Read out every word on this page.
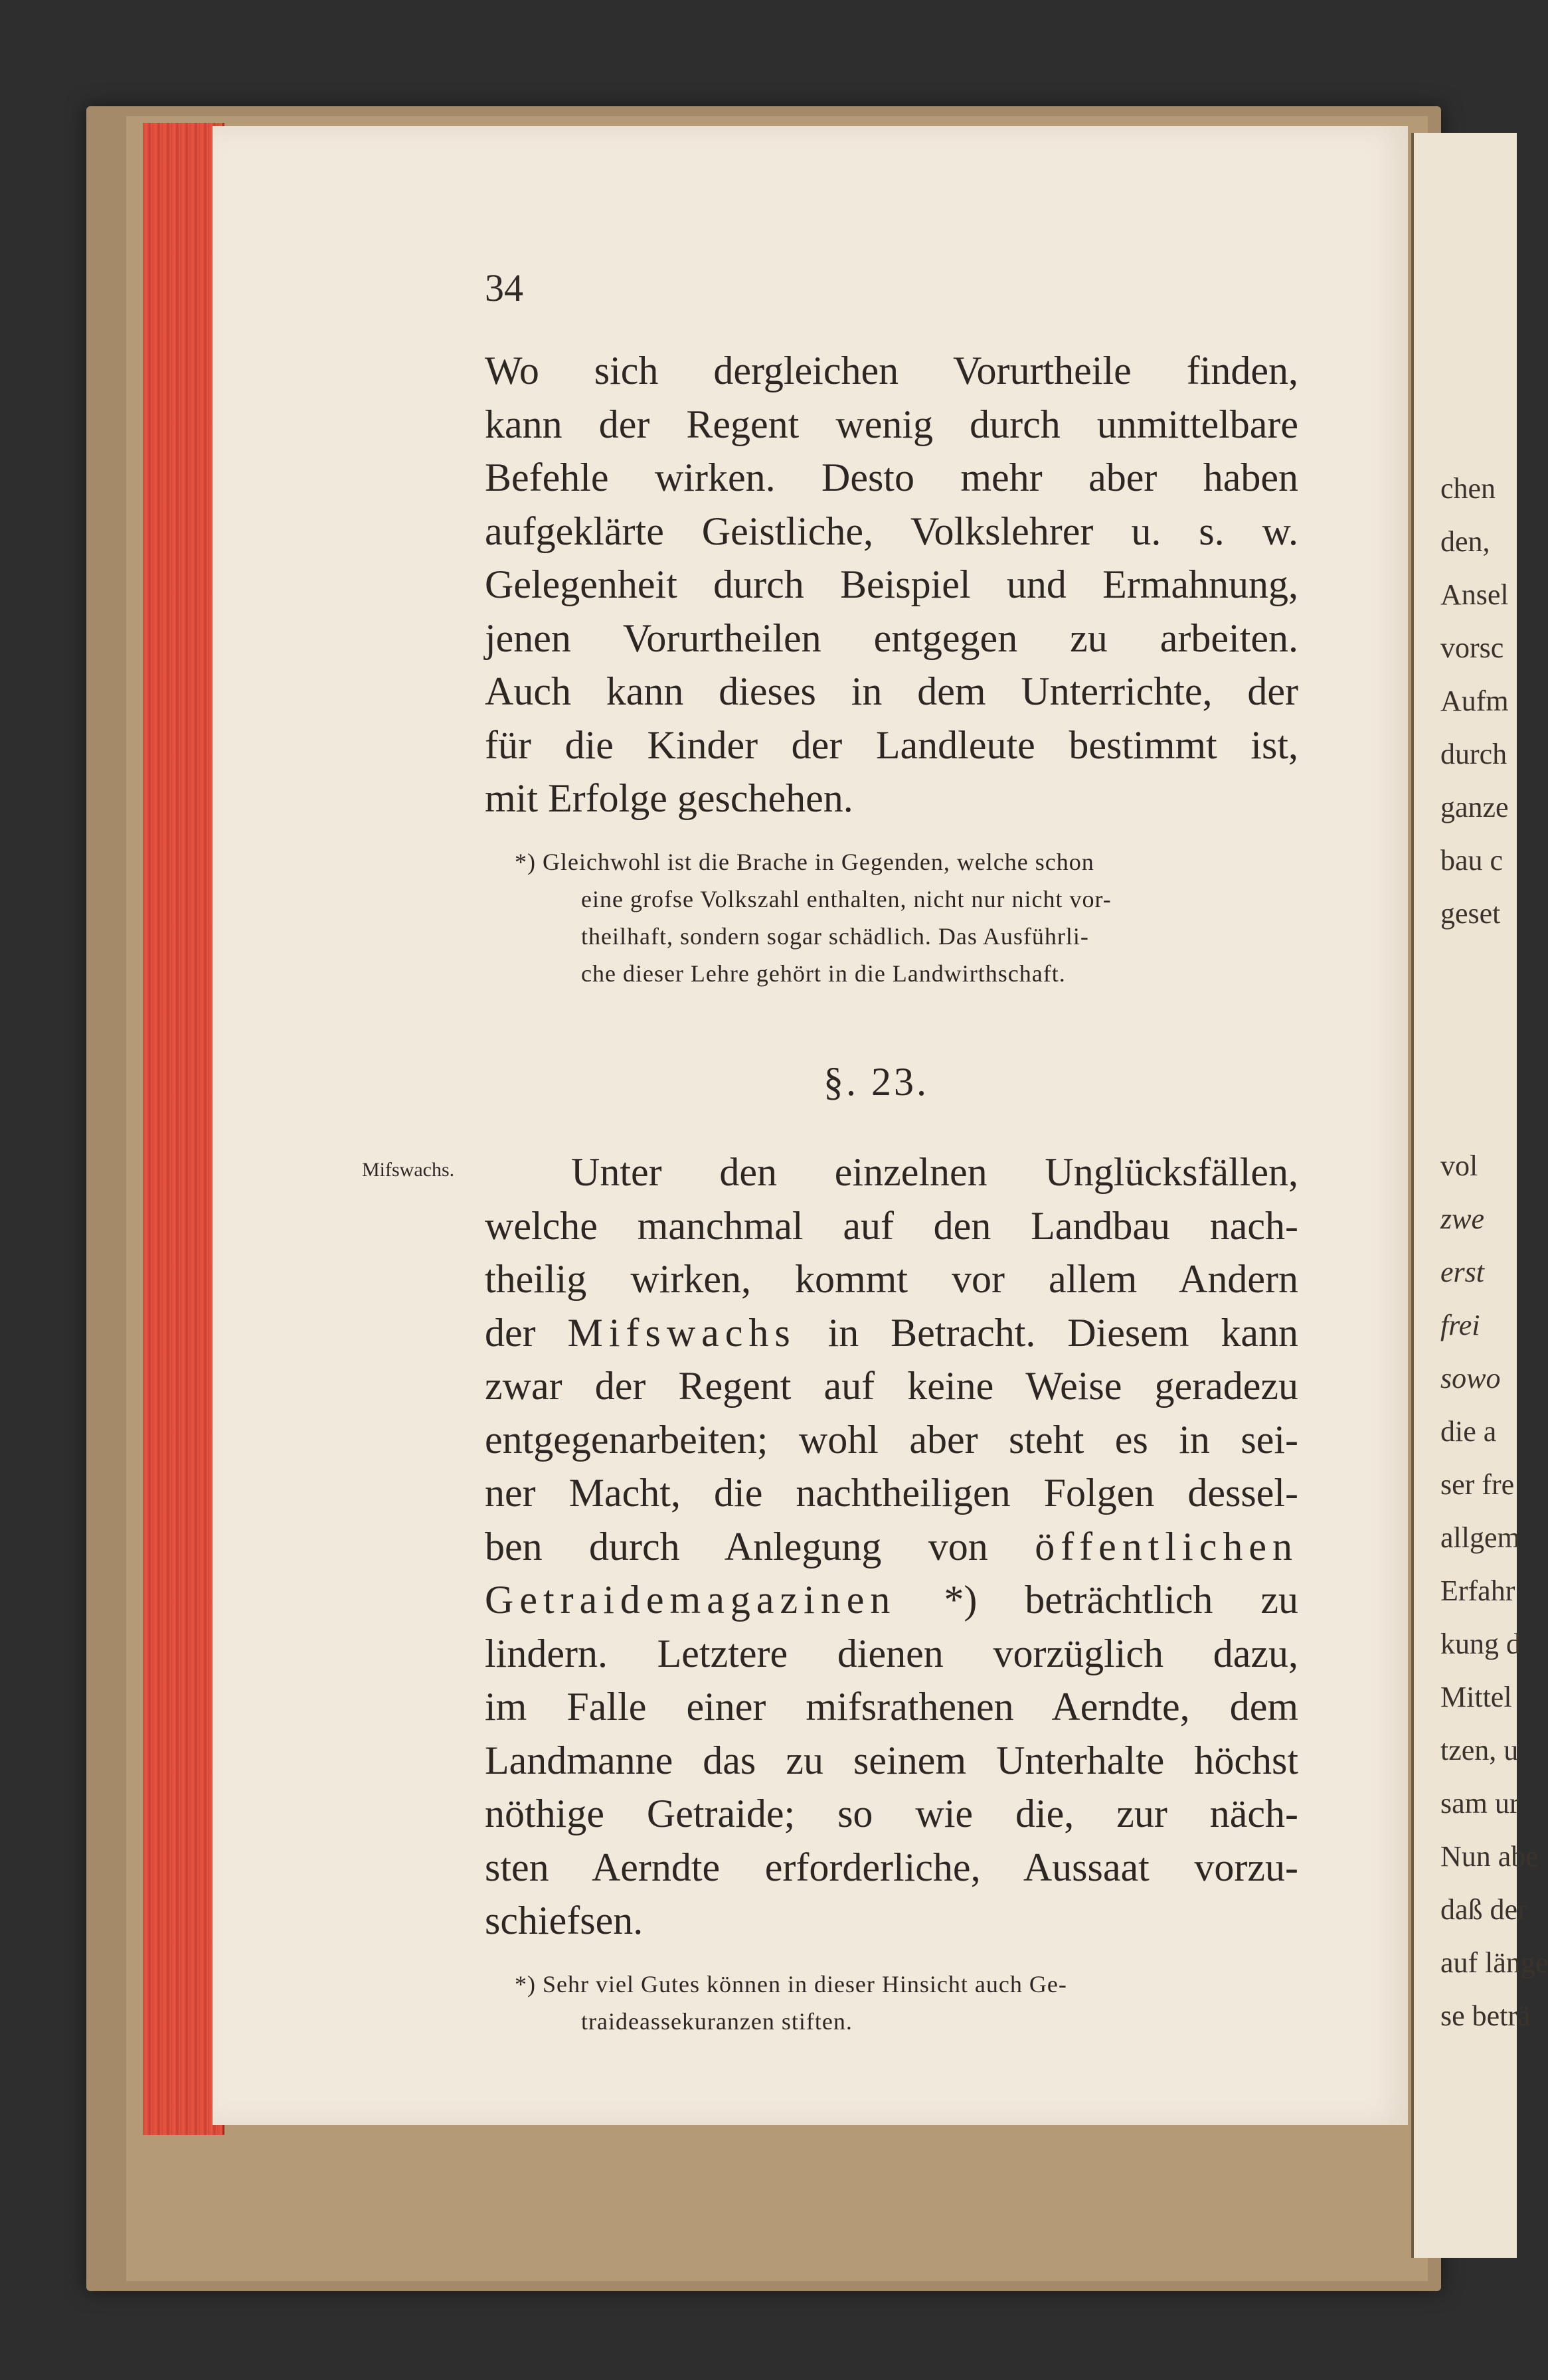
chen
den,
Ansel
vorsc
Aufm
durch
ganze
bau c
geset
vol
zwe
erst
frei
sowo
die a
ser fre
allgem
Erfahr
kung d
Mittel
tzen, u
sam ur
Nun abe
daß der
auf länge
se beträ
34
Wo sich dergleichen Vorurtheile finden,
kann der Regent wenig durch unmittelbare
Befehle wirken. Desto mehr aber haben
aufgeklärte Geistliche, Volkslehrer u. s. w.
Gelegenheit durch Beispiel und Ermahnung,
jenen Vorurtheilen entgegen zu arbeiten.
Auch kann dieses in dem Unterrichte, der
für die Kinder der Landleute bestimmt ist,
mit Erfolge geschehen.
*) Gleichwohl ist die Brache in Gegenden, welche schon
eine grofse Volkszahl enthalten, nicht nur nicht vor-
theilhaft, sondern sogar schädlich. Das Ausführli-
che dieser Lehre gehört in die Landwirthschaft.
§. 23.
Mifswachs.	Unter den einzelnen Unglücksfällen,
welche manchmal auf den Landbau nach-
theilig wirken, kommt vor allem Andern
der Mifswachs in Betracht. Diesem kann
zwar der Regent auf keine Weise geradezu
entgegenarbeiten; wohl aber steht es in sei-
ner Macht, die nachtheiligen Folgen dessel-
ben durch Anlegung von öffentlichen
Getraidemagazinen *) beträchtlich zu
lindern. Letztere dienen vorzüglich dazu,
im Falle einer mifsrathenen Aerndte, dem
Landmanne das zu seinem Unterhalte höchst
nöthige Getraide; so wie die, zur näch-
sten Aerndte erforderliche, Aussaat vorzu-
schiefsen.
*) Sehr viel Gutes können in dieser Hinsicht auch Ge-
traideassekuranzen stiften.
